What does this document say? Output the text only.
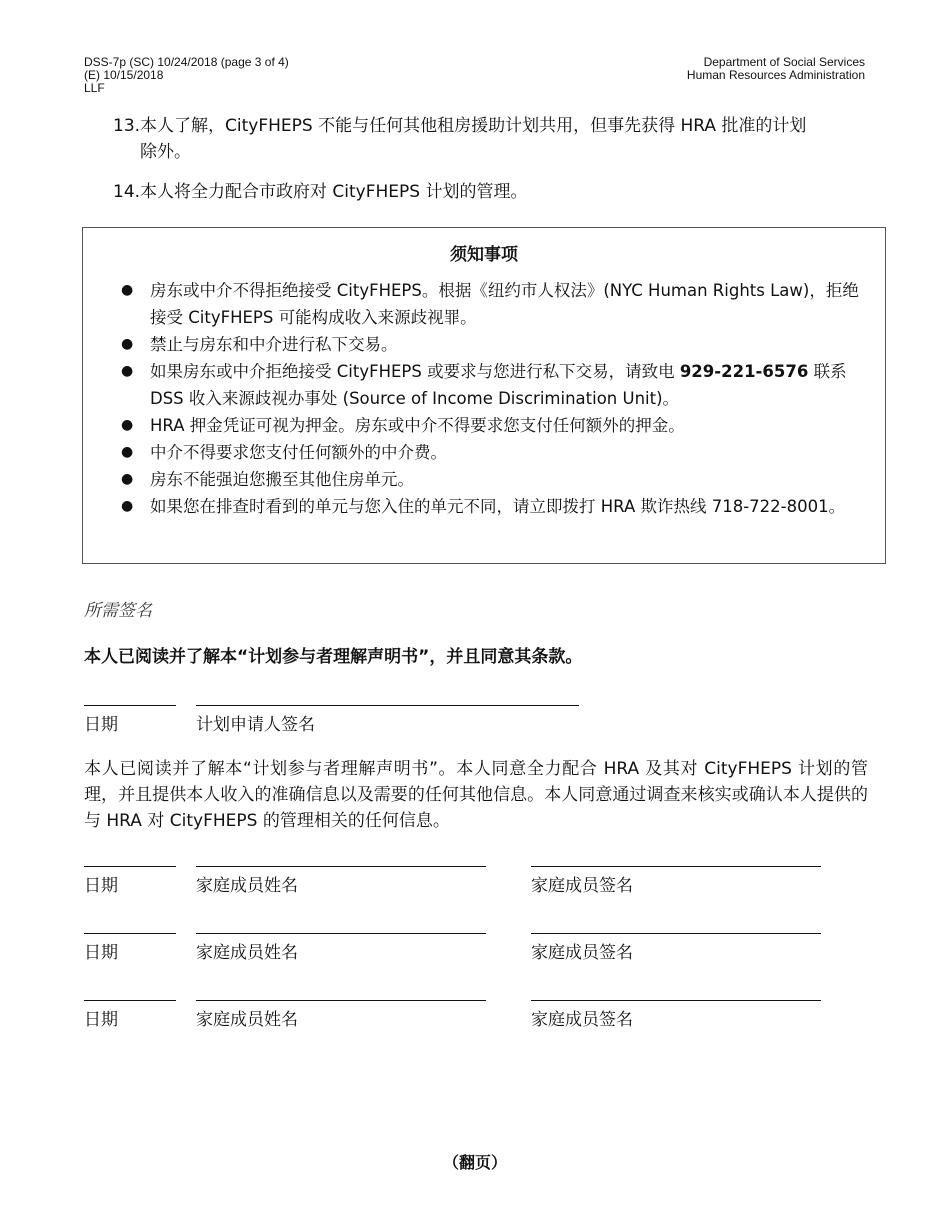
DSS-7p (SC) 10/24/2018 (page 3 of 4)
(E) 10/15/2018
LLF
Department of Social Services
Human Resources Administration
13.本人了解，CityFHEPS 不能与任何其他租房援助计划共用，但事先获得 HRA 批准的计划
除外。
14.本人将全力配合市政府对 CityFHEPS 计划的管理。
须知事项
● 房东或中介不得拒绝接受 CityFHEPS。根据《纽约市人权法》(NYC Human Rights Law)，拒绝接受 CityFHEPS 可能构成收入来源歧视罪。
● 禁止与房东和中介进行私下交易。
● 如果房东或中介拒绝接受 CityFHEPS 或要求与您进行私下交易，请致电 929-221-6576 联系 DSS 收入来源歧视办事处 (Source of Income Discrimination Unit)。
● HRA 押金凭证可视为押金。房东或中介不得要求您支付任何额外的押金。
● 中介不得要求您支付任何额外的中介费。
● 房东不能强迫您搬至其他住房单元。
● 如果您在排查时看到的单元与您入住的单元不同，请立即拨打 HRA 欺诈热线 718-722-8001。
所需签名
本人已阅读并了解本“计划参与者理解声明书”，并且同意其条款。
日期	计划申请人签名
本人已阅读并了解本“计划参与者理解声明书”。本人同意全力配合 HRA 及其对 CityFHEPS 计划的管理，并且提供本人收入的准确信息以及需要的任何其他信息。本人同意通过调查来核实或确认本人提供的与 HRA 对 CityFHEPS 的管理相关的任何信息。
日期	家庭成员姓名	家庭成员签名
日期	家庭成员姓名	家庭成员签名
日期	家庭成员姓名	家庭成员签名
（翻页）
